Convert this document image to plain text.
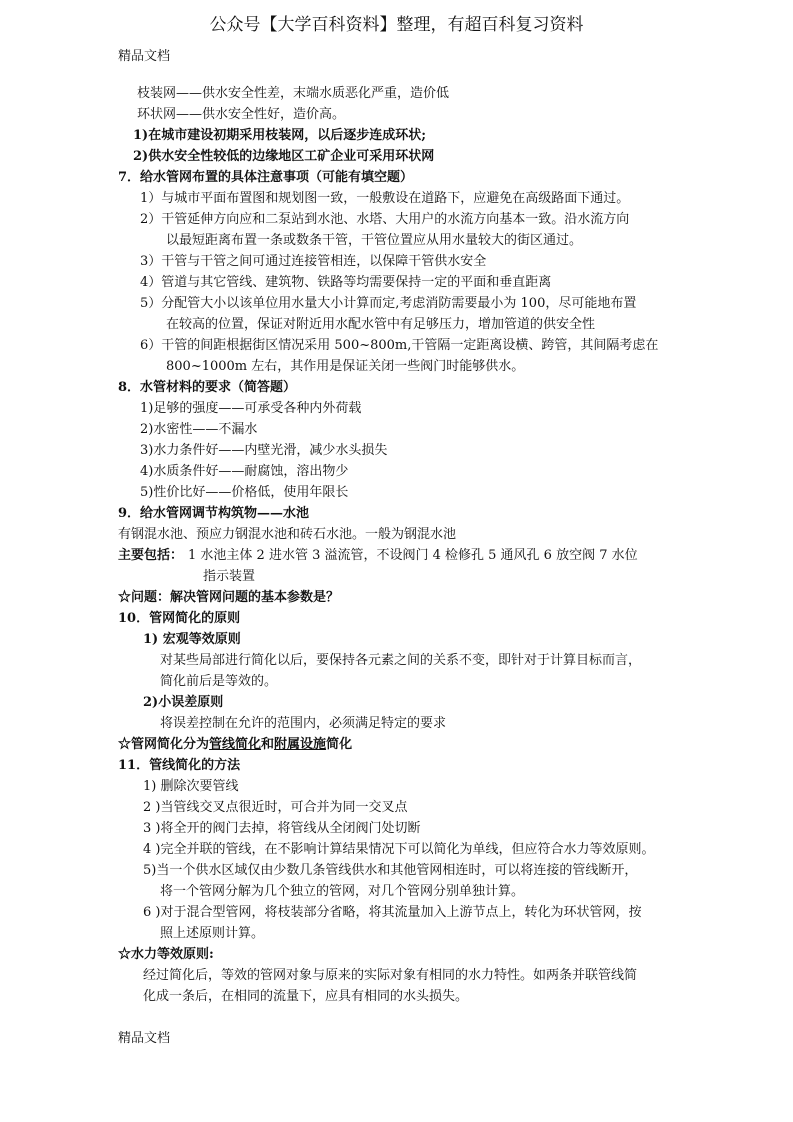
公众号【大学百科资料】整理，有超百科复习资料
精品文档
枝装网——供水安全性差，末端水质恶化严重，造价低
环状网——供水安全性好，造价高。
1)在城市建设初期采用枝装网，以后逐步连成环状;
2)供水安全性较低的边缘地区工矿企业可采用环状网
7．给水管网布置的具体注意事项（可能有填空题）
1）与城市平面布置图和规划图一致，一般敷设在道路下，应避免在高级路面下通过。
2）干管延伸方向应和二泵站到水池、水塔、大用户的水流方向基本一致。沿水流方向
以最短距离布置一条或数条干管，干管位置应从用水量较大的街区通过。
3）干管与干管之间可通过连接管相连，以保障干管供水安全
4）管道与其它管线、建筑物、铁路等均需要保持一定的平面和垂直距离
5）分配管大小以该单位用水量大小计算而定,考虑消防需要最小为 100，尽可能地布置
在较高的位置，保证对附近用水配水管中有足够压力，增加管道的供安全性
6）干管的间距根据街区情况采用 500~800m,干管隔一定距离设横、跨管，其间隔考虑在
800~1000m 左右，其作用是保证关闭一些阀门时能够供水。
8．水管材料的要求（简答题）
1)足够的强度——可承受各种内外荷载
2)水密性——不漏水
3)水力条件好——内壁光滑，减少水头损失
4)水质条件好——耐腐蚀，溶出物少
5)性价比好——价格低，使用年限长
9．给水管网调节构筑物——水池
有钢混水池、预应力钢混水池和砖石水池。一般为钢混水池
主要包括： 1 水池主体 2 进水管 3 溢流管，不设阀门 4 检修孔 5 通风孔 6 放空阀 7 水位
指示装置
☆问题：解决管网问题的基本参数是？
10．管网简化的原则
1) 宏观等效原则
对某些局部进行简化以后，要保持各元素之间的关系不变，即针对于计算目标而言，
简化前后是等效的。
2)小误差原则
将误差控制在允许的范围内，必须满足特定的要求
☆管网简化分为管线简化和附属设施简化
11．管线简化的方法
1) 删除次要管线
2 )当管线交叉点很近时，可合并为同一交叉点
3 )将全开的阀门去掉，将管线从全闭阀门处切断
4 )完全并联的管线，在不影响计算结果情况下可以简化为单线，但应符合水力等效原则。
5)当一个供水区域仅由少数几条管线供水和其他管网相连时，可以将连接的管线断开，
将一个管网分解为几个独立的管网，对几个管网分别单独计算。
6 )对于混合型管网，将枝装部分省略，将其流量加入上游节点上，转化为环状管网，按
照上述原则计算。
☆水力等效原则:
经过简化后，等效的管网对象与原来的实际对象有相同的水力特性。如两条并联管线简
化成一条后，在相同的流量下，应具有相同的水头损失。
精品文档
